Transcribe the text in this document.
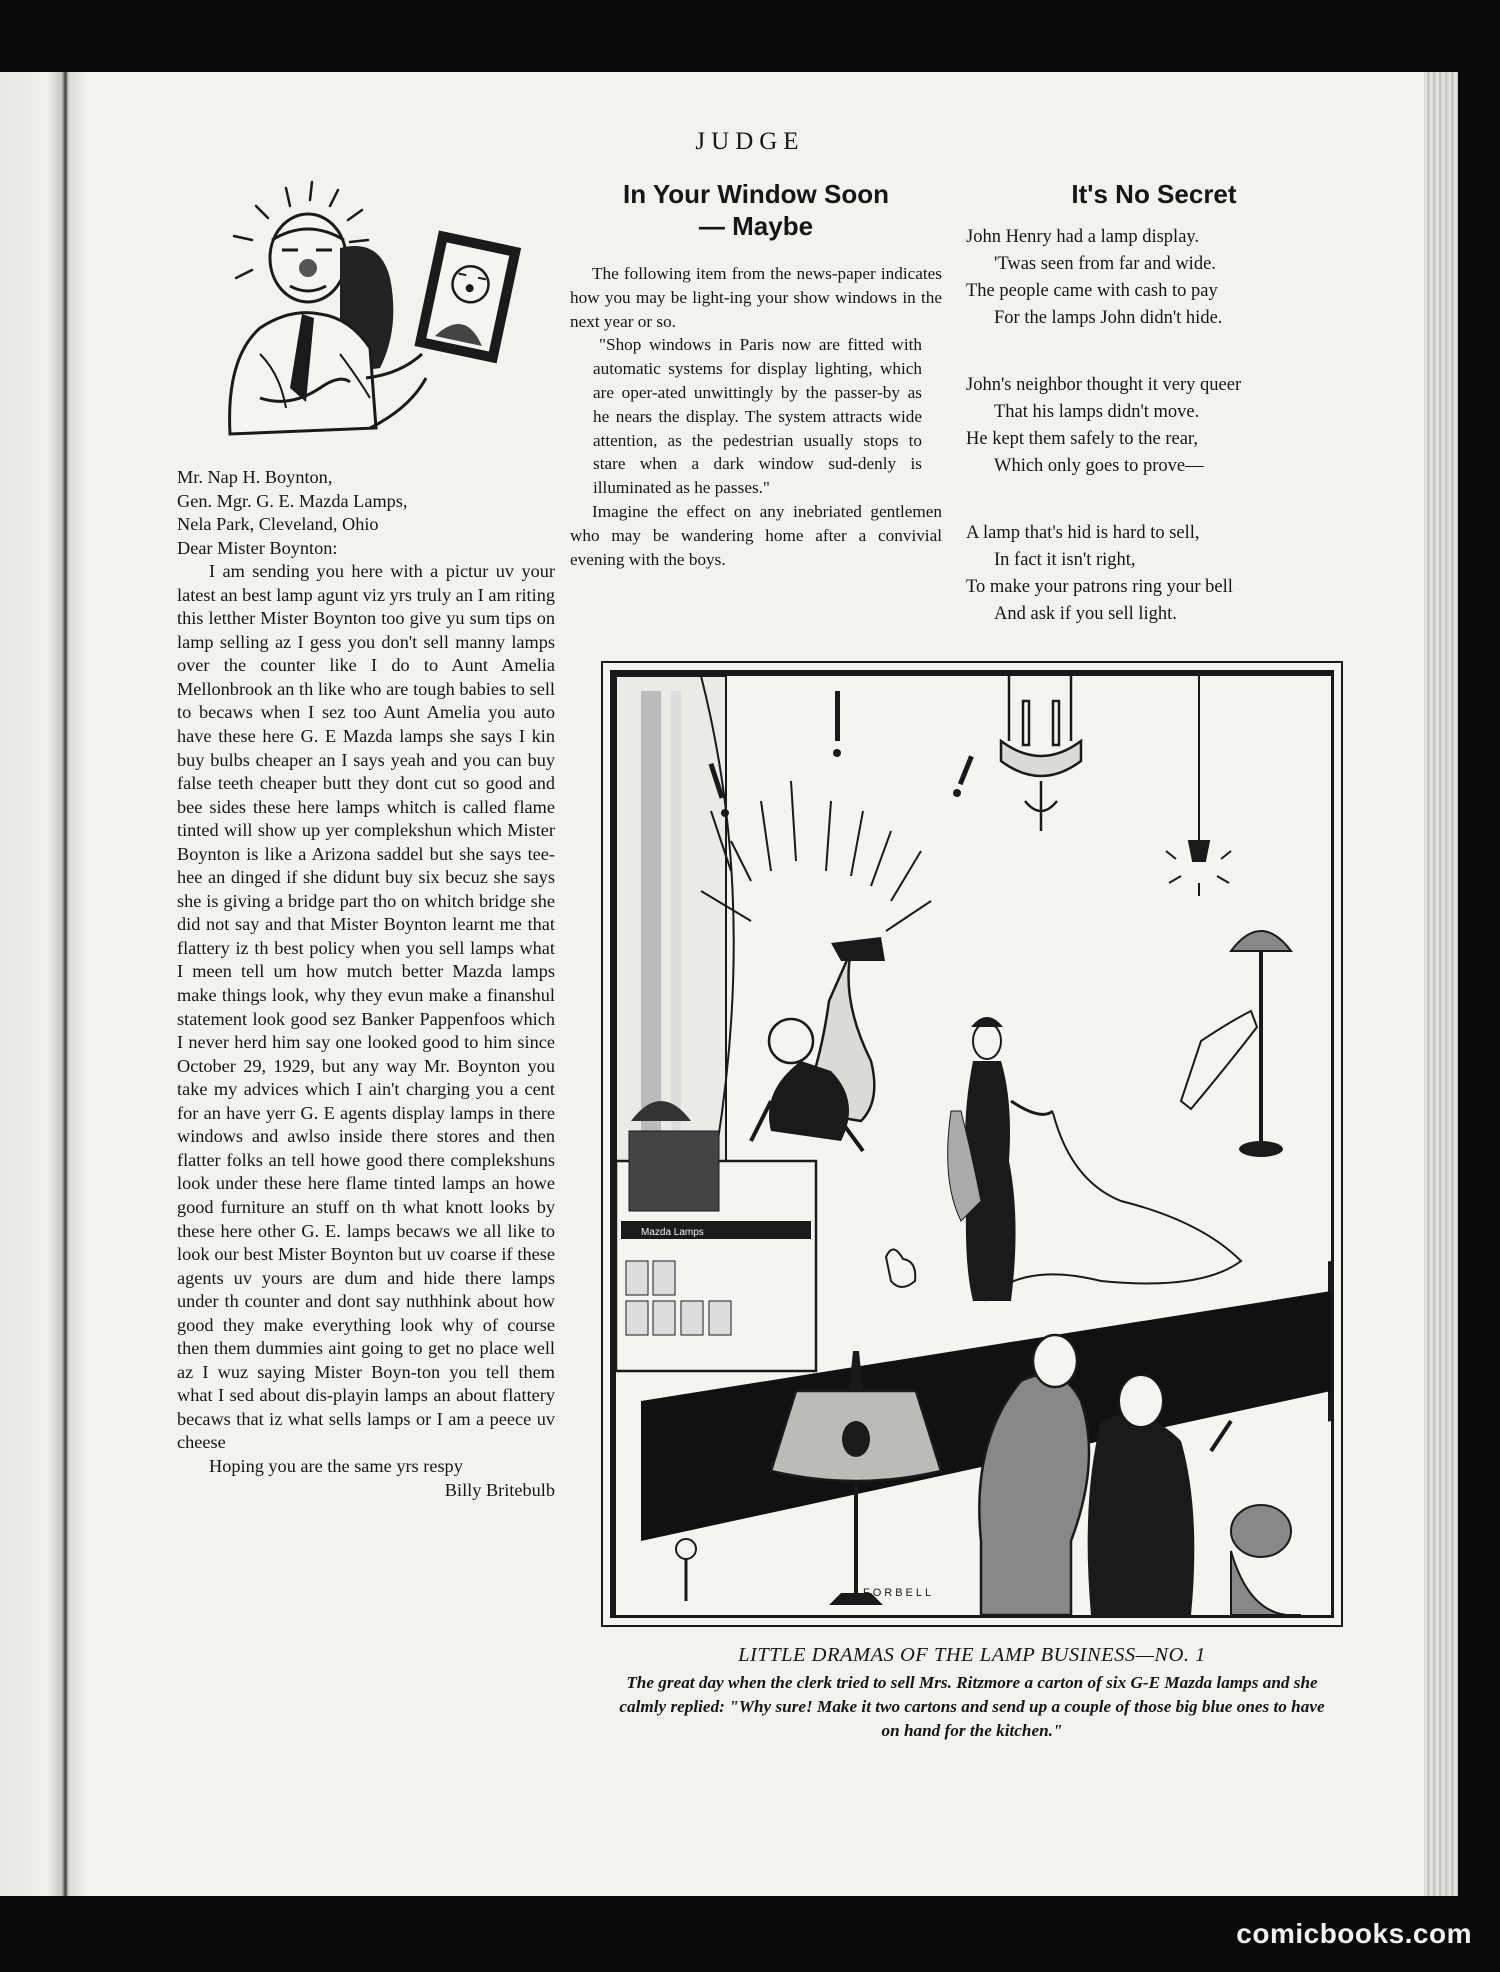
JUDGE

Mr. Nap H. Boynton,

Gen. Mgr. G. E. Mazda Lamps,

Nela Park, Cleveland, Ohio

Dear Mister Boynton:

I am sending you here with a pictur uv your latest an best lamp agunt viz yrs truly an I am riting this letther Mister Boynton too give yu sum tips on lamp selling az I gess you don't sell manny lamps over the counter like I do to Aunt Amelia Mellonbrook an th like who are tough babies to sell to becaws when I sez too Aunt Amelia you auto have these here G. E Mazda lamps she says I kin buy bulbs cheaper an I says yeah and you can buy false teeth cheaper butt they dont cut so good and bee sides these here lamps whitch is called flame tinted will show up yer complekshun which Mister Boynton is like a Arizona saddel but she says tee-hee an dinged if she didunt buy six becuz she says she is giving a bridge part tho on whitch bridge she did not say and that Mister Boynton learnt me that flattery iz th best policy when you sell lamps what I meen tell um how mutch better Mazda lamps make things look, why they evun make a finanshul statement look good sez Banker Pappenfoos which I never herd him say one looked good to him since October 29, 1929, but any way Mr. Boynton you take my advices which I ain't charging you a cent for an have yerr G. E agents display lamps in there windows and awlso inside there stores and then flatter folks an tell howe good there complekshuns look under these here flame tinted lamps an howe good furniture an stuff on th what knott looks by these here other G. E. lamps becaws we all like to look our best Mister Boynton but uv coarse if these agents uv yours are dum and hide there lamps under th counter and dont say nuthhink about how good they make everything look why of course then them dummies aint going to get no place well az I wuz saying Mister Boyn-ton you tell them what I sed about dis-playin lamps an about flattery becaws that iz what sells lamps or I am a peece uv cheese

Hoping you are the same yrs respy

Billy Britebulb

In Your Window Soon
— Maybe

The following item from the news-paper indicates how you may be light-ing your show windows in the next year or so.

"Shop windows in Paris now are fitted with automatic systems for display lighting, which are oper-ated unwittingly by the passer-by as he nears the display. The system attracts wide attention, as the pedestrian usually stops to stare when a dark window sud-denly is illuminated as he passes."

Imagine the effect on any inebriated gentlemen who may be wandering home after a convivial evening with the boys.

It's No Secret
John Henry had a lamp display.
'Twas seen from far and wide.
The people came with cash to pay
For the lamps John didn't hide.
John's neighbor thought it very queer
That his lamps didn't move.
He kept them safely to the rear,
Which only goes to prove—
A lamp that's hid is hard to sell,
In fact it isn't right,
To make your patrons ring your bell
And ask if you sell light.
Mazda Lamps
FORBELL
LITTLE DRAMAS OF THE LAMP BUSINESS—NO. 1
The great day when the clerk tried to sell Mrs. Ritzmore a carton of six G-E Mazda lamps and she calmly replied: "Why sure! Make it two cartons and send up a couple of those big blue ones to have on hand for the kitchen."
comicbooks.com
